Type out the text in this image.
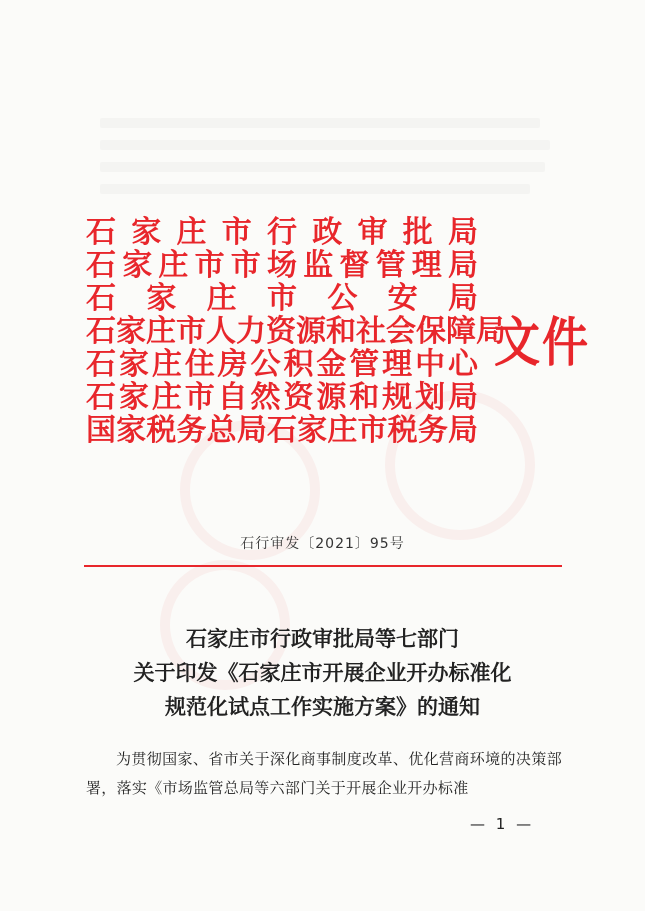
石家庄市行政审批局
石家庄市市场监督管理局
石　家　庄　市　公　安　局
石家庄市人力资源和社会保障局
石家庄住房公积金管理中心
石家庄市自然资源和规划局
国家税务总局石家庄市税务局
文件
石行审发〔2021〕95号
石家庄市行政审批局等七部门
关于印发《石家庄市开展企业开办标准化
规范化试点工作实施方案》的通知
为贯彻国家、省市关于深化商事制度改革、优化营商环境的决策部署，落实《市场监管总局等六部门关于开展企业开办标准
— 1 —
